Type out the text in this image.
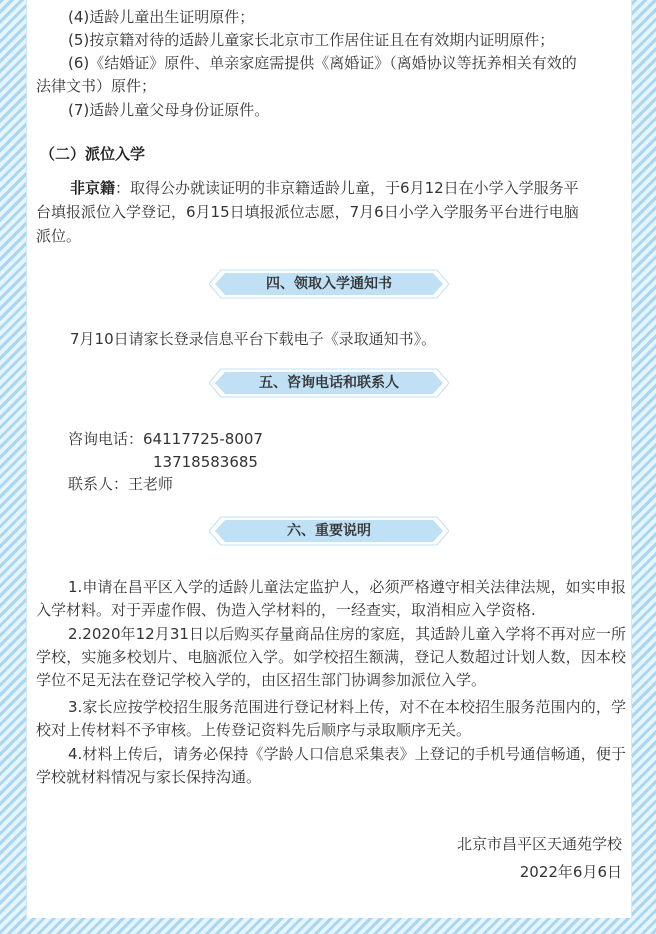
(4)适龄儿童出生证明原件；

(5)按京籍对待的适龄儿童家长北京市工作居住证且在有效期内证明原件；

(6)《结婚证》原件、单亲家庭需提供《离婚证》（离婚协议等抚养相关有效的

法律文书）原件；

(7)适龄儿童父母身份证原件。

（二）派位入学

非京籍：取得公办就读证明的非京籍适龄儿童，于6月12日在小学入学服务平

台填报派位入学登记，6月15日填报派位志愿，7月6日小学入学服务平台进行电脑

派位。

四、领取入学通知书

7月10日请家长登录信息平台下载电子《录取通知书》。

五、咨询电话和联系人

咨询电话：64117725-8007

13718583685

联系人：王老师

六、重要说明

1.申请在昌平区入学的适龄儿童法定监护人，必须严格遵守相关法律法规，如实申报入学材料。对于弄虚作假、伪造入学材料的，一经查实，取消相应入学资格.

2.2020年12月31日以后购买存量商品住房的家庭，其适龄儿童入学将不再对应一所学校，实施多校划片、电脑派位入学。如学校招生额满，登记人数超过计划人数，因本校学位不足无法在登记学校入学的，由区招生部门协调参加派位入学。

3.家长应按学校招生服务范围进行登记材料上传，对不在本校招生服务范围内的，学校对上传材料不予审核。上传登记资料先后顺序与录取顺序无关。

4.材料上传后，请务必保持《学龄人口信息采集表》上登记的手机号通信畅通，便于学校就材料情况与家长保持沟通。

北京市昌平区天通苑学校

2022年6月6日
